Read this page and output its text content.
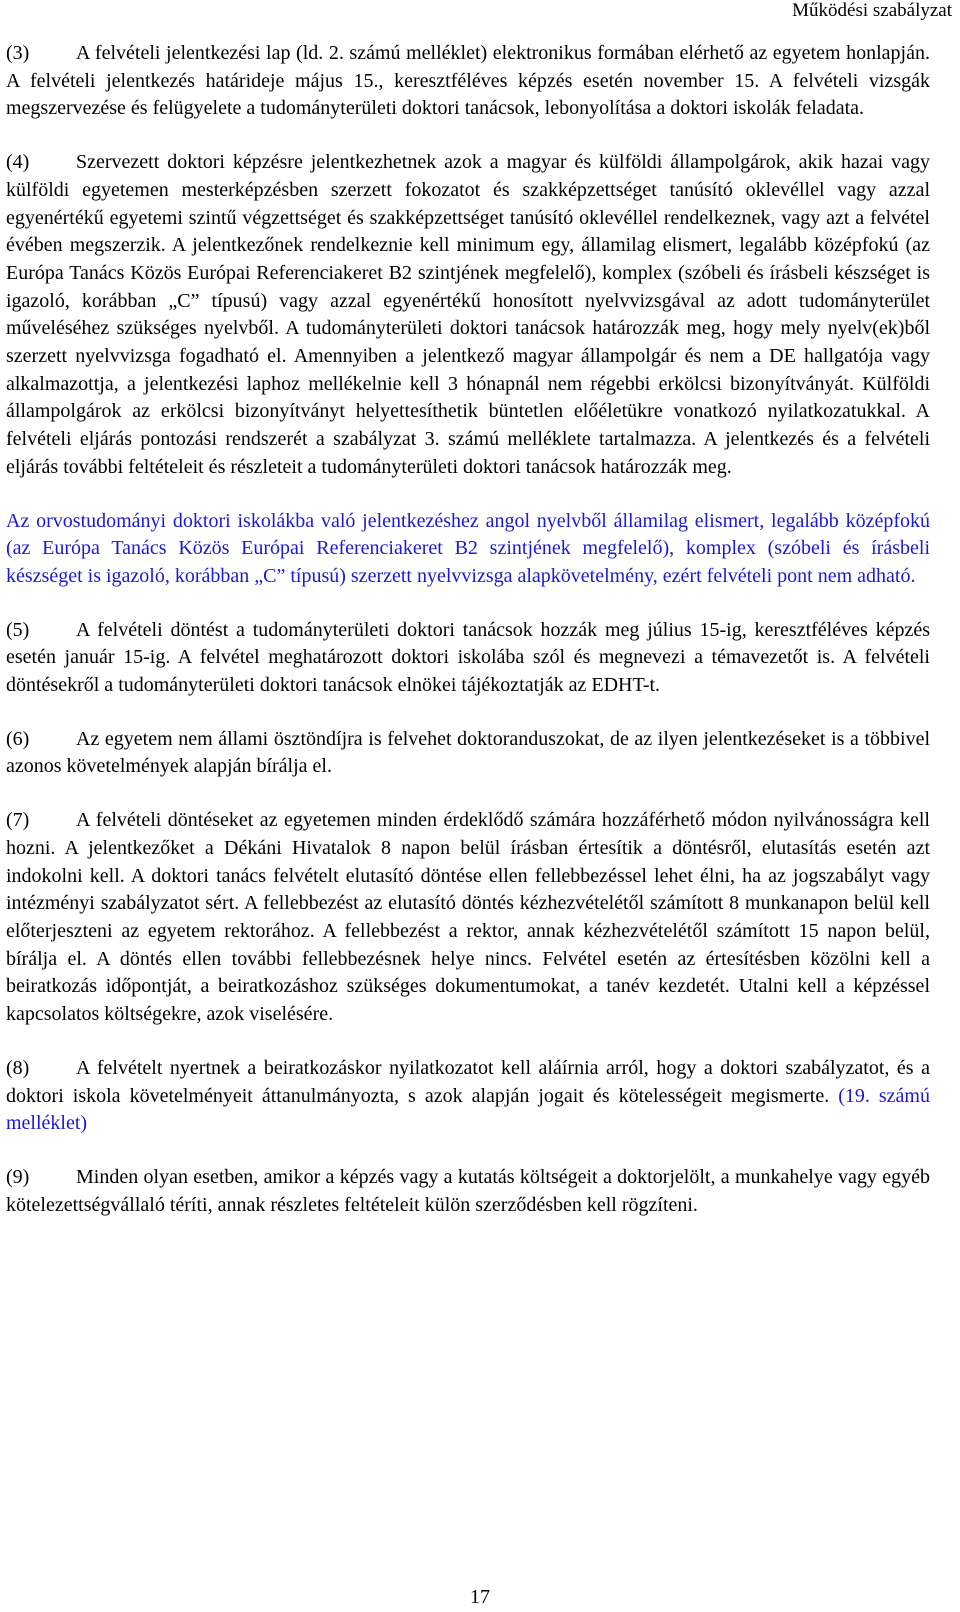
Működési szabályzat

(3) A felvételi jelentkezési lap (ld. 2. számú melléklet) elektronikus formában elérhető az egyetem honlapján. A felvételi jelentkezés határideje május 15., keresztféléves képzés esetén november 15. A felvételi vizsgák megszervezése és felügyelete a tudományterületi doktori tanácsok, lebonyolítása a doktori iskolák feladata.

(4) Szervezett doktori képzésre jelentkezhetnek azok a magyar és külföldi állampolgárok, akik hazai vagy külföldi egyetemen mesterképzésben szerzett fokozatot és szakképzettséget tanúsító oklevéllel vagy azzal egyenértékű egyetemi szintű végzettséget és szakképzettséget tanúsító oklevéllel rendelkeznek, vagy azt a felvétel évében megszerzik. A jelentkezőnek rendelkeznie kell minimum egy, államilag elismert, legalább középfokú (az Európa Tanács Közös Európai Referenciakeret B2 szintjének megfelelő), komplex (szóbeli és írásbeli készséget is igazoló, korábban „C” típusú) vagy azzal egyenértékű honosított nyelvvizsgával az adott tudományterület műveléséhez szükséges nyelvből. A tudományterületi doktori tanácsok határozzák meg, hogy mely nyelv(ek)ből szerzett nyelvvizsga fogadható el. Amennyiben a jelentkező magyar állampolgár és nem a DE hallgatója vagy alkalmazottja, a jelentkezési laphoz mellékelnie kell 3 hónapnál nem régebbi erkölcsi bizonyítványát. Külföldi állampolgárok az erkölcsi bizonyítványt helyettesíthetik büntetlen előéletükre vonatkozó nyilatkozatukkal. A felvételi eljárás pontozási rendszerét a szabályzat 3. számú melléklete tartalmazza. A jelentkezés és a felvételi eljárás további feltételeit és részleteit a tudományterületi doktori tanácsok határozzák meg.

Az orvostudományi doktori iskolákba való jelentkezéshez angol nyelvből államilag elismert, legalább középfokú (az Európa Tanács Közös Európai Referenciakeret B2 szintjének megfelelő), komplex (szóbeli és írásbeli készséget is igazoló, korábban „C” típusú) szerzett nyelvvizsga alapkövetelmény, ezért felvételi pont nem adható.

(5) A felvételi döntést a tudományterületi doktori tanácsok hozzák meg július 15-ig, keresztféléves képzés esetén január 15-ig. A felvétel meghatározott doktori iskolába szól és megnevezi a témavezetőt is. A felvételi döntésekről a tudományterületi doktori tanácsok elnökei tájékoztatják az EDHT-t.

(6) Az egyetem nem állami ösztöndíjra is felvehet doktoranduszokat, de az ilyen jelentkezéseket is a többivel azonos követelmények alapján bírálja el.

(7) A felvételi döntéseket az egyetemen minden érdeklődő számára hozzáférhető módon nyilvánosságra kell hozni. A jelentkezőket a Dékáni Hivatalok 8 napon belül írásban értesítik a döntésről, elutasítás esetén azt indokolni kell. A doktori tanács felvételt elutasító döntése ellen fellebbezéssel lehet élni, ha az jogszabályt vagy intézményi szabályzatot sért. A fellebbezést az elutasító döntés kézhezvételétől számított 8 munkanapon belül kell előterjeszteni az egyetem rektorához. A fellebbezést a rektor, annak kézhezvételétől számított 15 napon belül, bírálja el. A döntés ellen további fellebbezésnek helye nincs. Felvétel esetén az értesítésben közölni kell a beiratkozás időpontját, a beiratkozáshoz szükséges dokumentumokat, a tanév kezdetét. Utalni kell a képzéssel kapcsolatos költségekre, azok viselésére.

(8) A felvételt nyertnek a beiratkozáskor nyilatkozatot kell aláírnia arról, hogy a doktori szabályzatot, és a doktori iskola követelményeit áttanulmányozta, s azok alapján jogait és kötelességeit megismerte. (19. számú melléklet)

(9) Minden olyan esetben, amikor a képzés vagy a kutatás költségeit a doktorjelölt, a munkahelye vagy egyéb kötelezettségvállaló téríti, annak részletes feltételeit külön szerződésben kell rögzíteni.

17
